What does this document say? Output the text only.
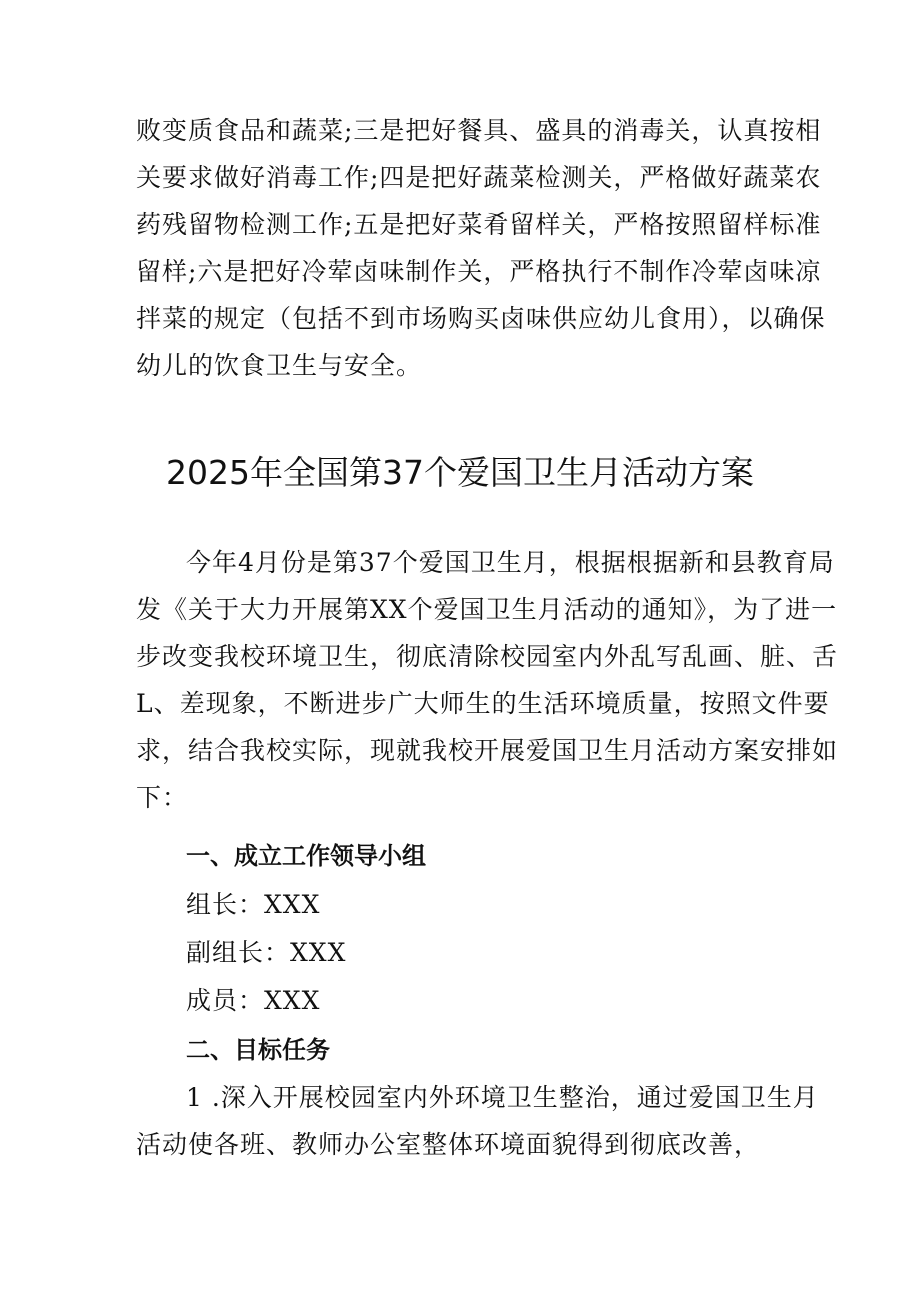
败变质食品和蔬菜;三是把好餐具、盛具的消毒关，认真按相
关要求做好消毒工作;四是把好蔬菜检测关，严格做好蔬菜农
药残留物检测工作;五是把好菜肴留样关，严格按照留样标准
留样;六是把好冷荤卤味制作关，严格执行不制作冷荤卤味凉
拌菜的规定（包括不到市场购买卤味供应幼儿食用），以确保
幼儿的饮食卫生与安全。
2025年全国第37个爱国卫生月活动方案
今年4月份是第37个爱国卫生月，根据根据新和县教育局
发《关于大力开展第XX个爱国卫生月活动的通知》，为了进一
步改变我校环境卫生，彻底清除校园室内外乱写乱画、脏、舌
L、差现象，不断进步广大师生的生活环境质量，按照文件要
求，结合我校实际，现就我校开展爱国卫生月活动方案安排如
下：
一、成立工作领导小组
组长：XXX
副组长：XXX
成员：XXX
二、目标任务
1 .深入开展校园室内外环境卫生整治，通过爱国卫生月
活动使各班、教师办公室整体环境面貌得到彻底改善，
